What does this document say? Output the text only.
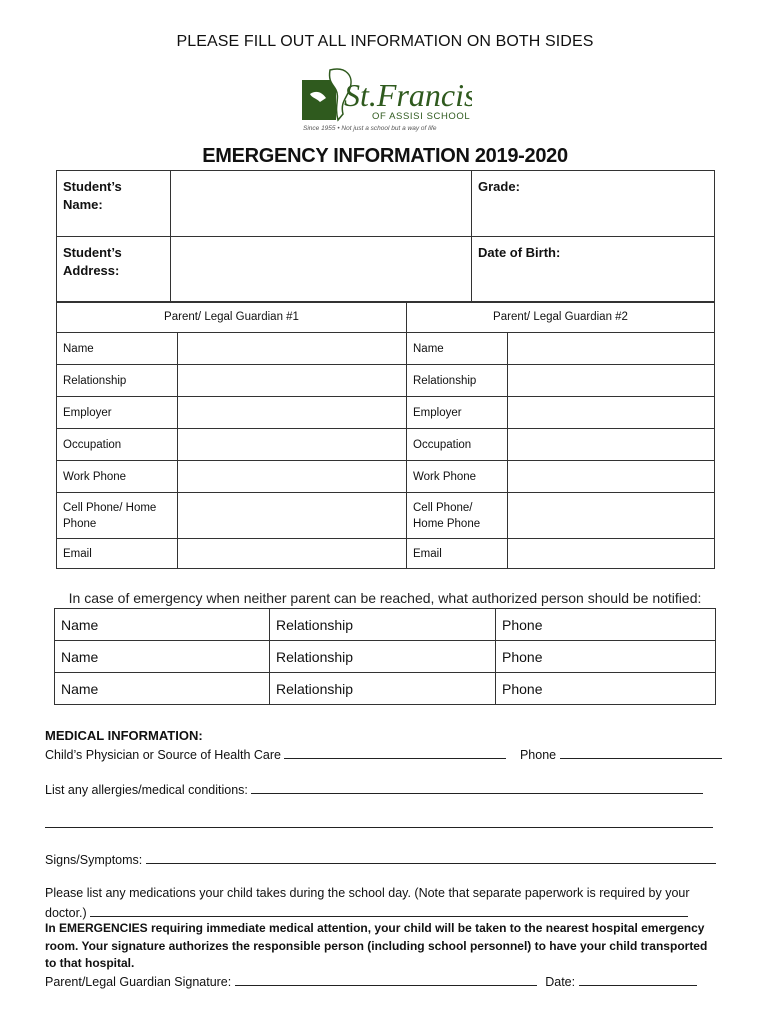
PLEASE FILL OUT ALL INFORMATION ON BOTH SIDES
St.Francis
OF ASSISI SCHOOL
Since 1955 • Not just a school but a way of life
EMERGENCY INFORMATION 2019-2020
Student’s Name:		Grade:
Student’s Address:		Date of Birth:
Parent/ Legal Guardian #1		Parent/ Legal Guardian #2	
Name		Name	
Relationship		Relationship	
Employer		Employer	
Occupation		Occupation	
Work Phone		Work Phone	
Cell Phone/ Home Phone		Cell Phone/ Home Phone	
Email		Email	
In case of emergency when neither parent can be reached, what authorized person should be notified:
Name	Relationship	Phone
Name	Relationship	Phone
Name	Relationship	Phone
MEDICAL INFORMATION:
Child’s Physician or Source of Health Care	Phone
List any allergies/medical conditions:
Signs/Symptoms:
Please list any medications your child takes during the school day. (Note that separate paperwork is required by your
doctor.)
In EMERGENCIES requiring immediate medical attention, your child will be taken to the nearest hospital emergency
room. Your signature authorizes the responsible person (including school personnel) to have your child transported
to that hospital.
Parent/Legal Guardian Signature:	Date:
